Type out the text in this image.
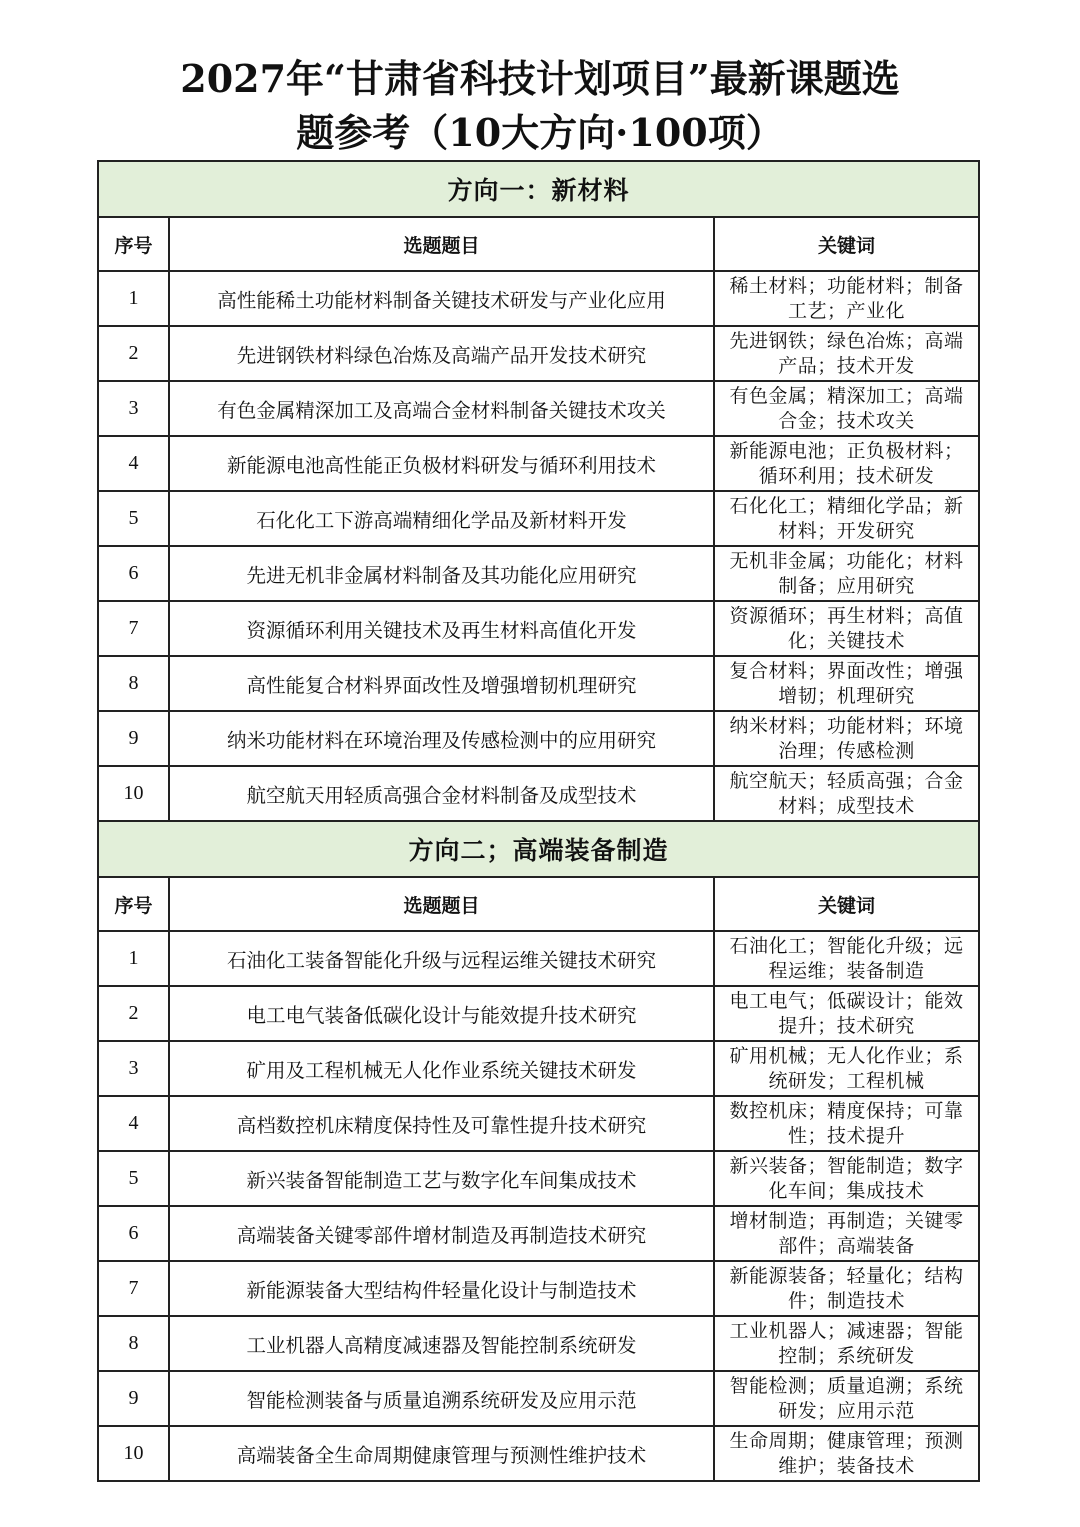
2027年“甘肃省科技计划项目”最新课题选
题参考（10大方向·100项）
方向一：新材料		
序号	选题题目	关键词
1	高性能稀土功能材料制备关键技术研发与产业化应用	稀土材料；功能材料；制备工艺；产业化
2	先进钢铁材料绿色冶炼及高端产品开发技术研究	先进钢铁；绿色冶炼；高端产品；技术开发
3	有色金属精深加工及高端合金材料制备关键技术攻关	有色金属；精深加工；高端合金；技术攻关
4	新能源电池高性能正负极材料研发与循环利用技术	新能源电池；正负极材料；循环利用；技术研发
5	石化化工下游高端精细化学品及新材料开发	石化化工；精细化学品；新材料；开发研究
6	先进无机非金属材料制备及其功能化应用研究	无机非金属；功能化；材料制备；应用研究
7	资源循环利用关键技术及再生材料高值化开发	资源循环；再生材料；高值化；关键技术
8	高性能复合材料界面改性及增强增韧机理研究	复合材料；界面改性；增强增韧；机理研究
9	纳米功能材料在环境治理及传感检测中的应用研究	纳米材料；功能材料；环境治理；传感检测
10	航空航天用轻质高强合金材料制备及成型技术	航空航天；轻质高强；合金材料；成型技术
方向二；高端装备制造		
序号	选题题目	关键词
1	石油化工装备智能化升级与远程运维关键技术研究	石油化工；智能化升级；远程运维；装备制造
2	电工电气装备低碳化设计与能效提升技术研究	电工电气；低碳设计；能效提升；技术研究
3	矿用及工程机械无人化作业系统关键技术研发	矿用机械；无人化作业；系统研发；工程机械
4	高档数控机床精度保持性及可靠性提升技术研究	数控机床；精度保持；可靠性；技术提升
5	新兴装备智能制造工艺与数字化车间集成技术	新兴装备；智能制造；数字化车间；集成技术
6	高端装备关键零部件增材制造及再制造技术研究	增材制造；再制造；关键零部件；高端装备
7	新能源装备大型结构件轻量化设计与制造技术	新能源装备；轻量化；结构件；制造技术
8	工业机器人高精度减速器及智能控制系统研发	工业机器人；减速器；智能控制；系统研发
9	智能检测装备与质量追溯系统研发及应用示范	智能检测；质量追溯；系统研发；应用示范
10	高端装备全生命周期健康管理与预测性维护技术	生命周期；健康管理；预测维护；装备技术
